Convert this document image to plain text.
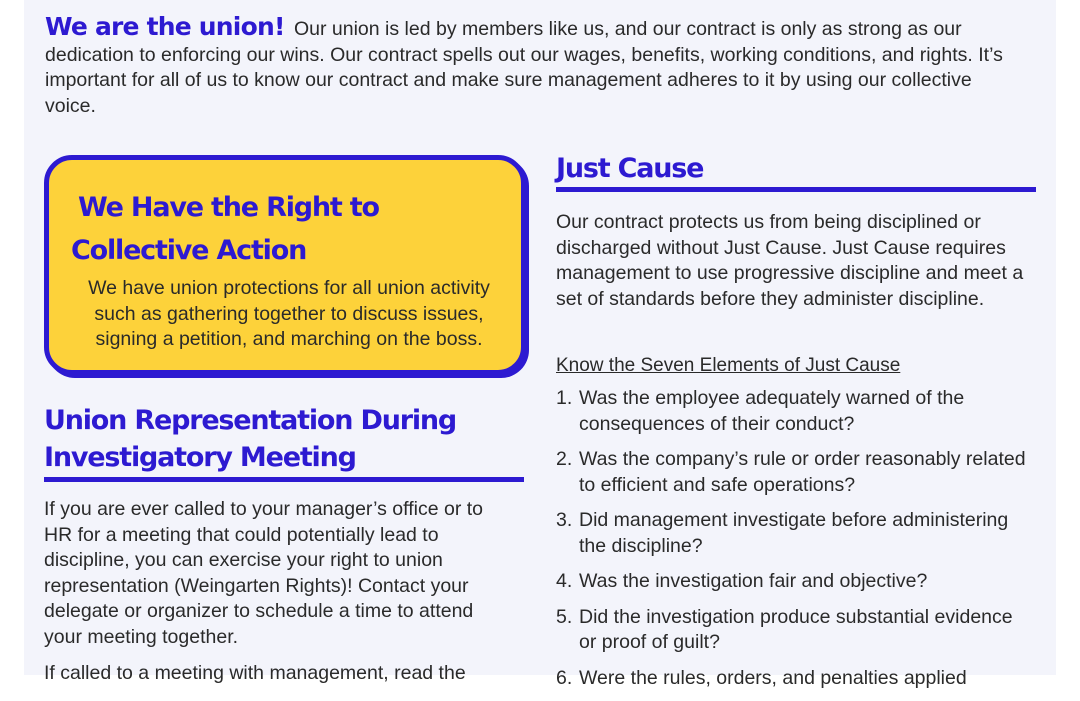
We are the union! Our union is led by members like us, and our contract is only as strong as our dedication to enforcing our wins. Our contract spells out our wages, benefits, working conditions, and rights. It’s important for all of us to know our contract and make sure management adheres to it by using our collective voice.
We Have the Right to Collective Action

We have union protections for all union activity such as gathering together to discuss issues, signing a petition, and marching on the boss.

Union Representation During
Investigatory Meeting

If you are ever called to your manager’s office or to HR for a meeting that could potentially lead to discipline, you can exercise your right to union representation (Weingarten Rights)! Contact your delegate or organizer to schedule a time to attend your meeting together.

If called to a meeting with management, read the

Just Cause

Our contract protects us from being disciplined or discharged without Just Cause. Just Cause requires management to use progressive discipline and meet a set of standards before they administer discipline.

Know the Seven Elements of Just Cause

1. Was the employee adequately warned of the consequences of their conduct?
2. Was the company’s rule or order reasonably related to efficient and safe operations?
3. Did management investigate before administering the discipline?
4. Was the investigation fair and objective?
5. Did the investigation produce substantial evidence or proof of guilt?
6. Were the rules, orders, and penalties applied
